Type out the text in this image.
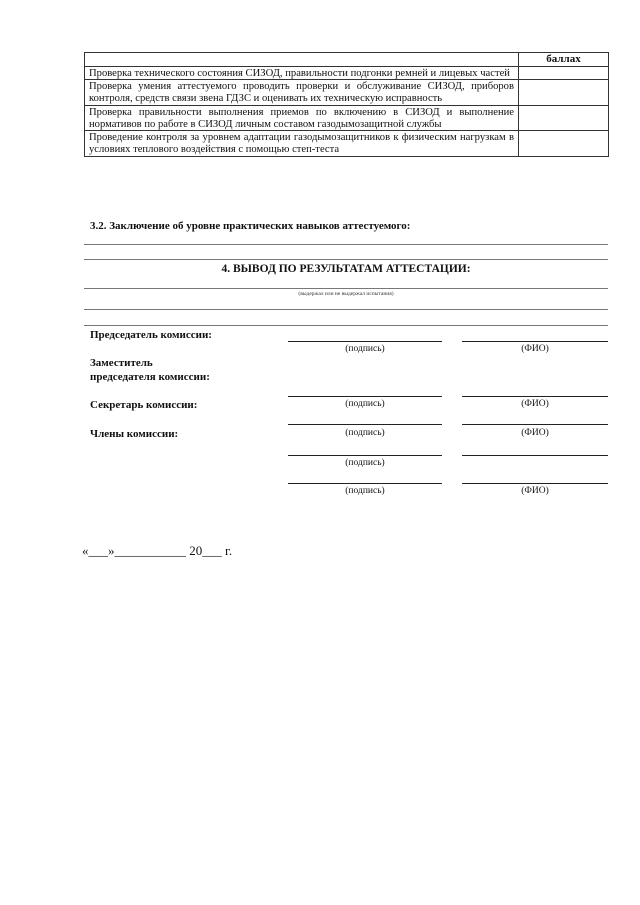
	баллах
Проверка технического состояния СИЗОД, правильности подгонки ремней и лицевых частей	
Проверка умения аттестуемого проводить проверки и обслуживание СИЗОД, приборов контроля, средств связи звена ГДЗС и оценивать их техническую исправность	
Проверка правильности выполнения приемов по включению в СИЗОД и выполнение нормативов по работе в СИЗОД личным составом газодымозащитной службы	
Проведение контроля за уровнем адаптации газодымозащитников к физическим нагрузкам в условиях теплового воздействия с помощью степ-теста	
3.2. Заключение об уровне практических навыков аттестуемого:
4. ВЫВОД ПО РЕЗУЛЬТАТАМ АТТЕСТАЦИИ:
(выдержал или не выдержал испытания)
Председатель комиссии:
(подпись)	(ФИО)
Заместитель
председателя комиссии:
Секретарь комиссии:	(подпись)	(ФИО)
Члены комиссии:	(подпись)	(ФИО)
(подпись)
(подпись)	(ФИО)
«___»___________ 20___ г.
